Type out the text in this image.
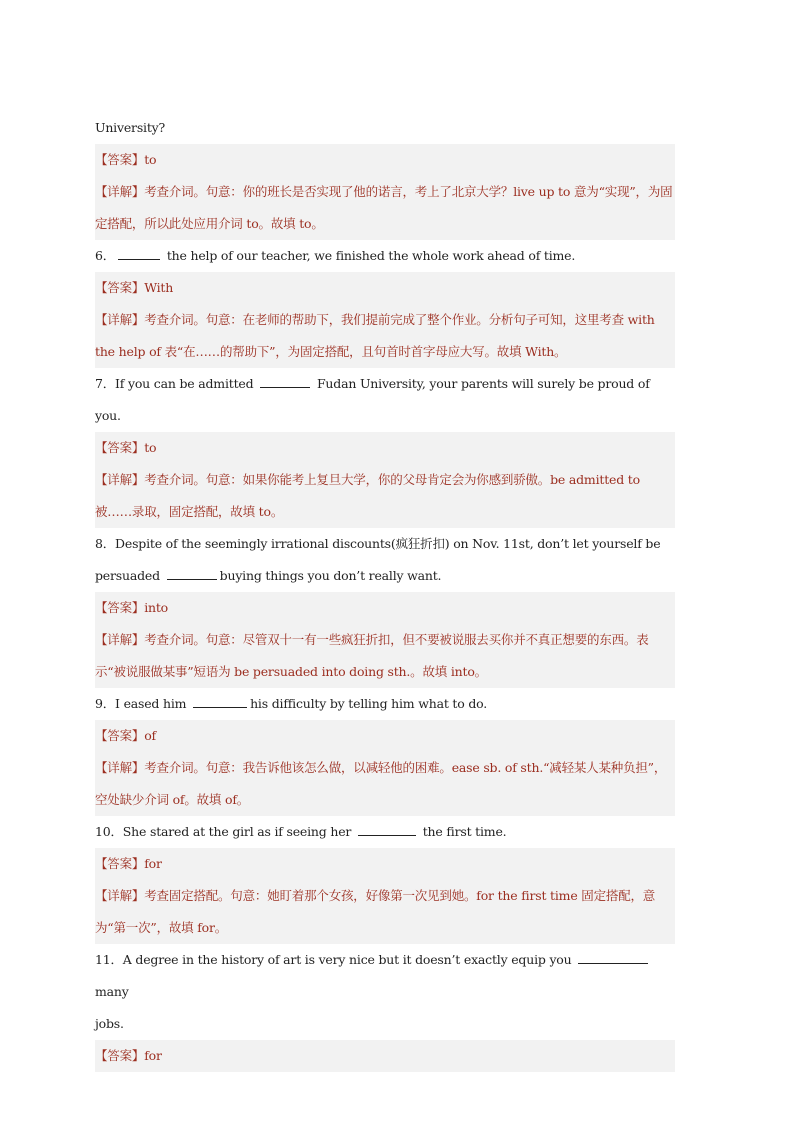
University?
【答案】to
【详解】考查介词。句意：你的班长是否实现了他的诺言，考上了北京大学？live up to 意为“实现”，为固定搭配，所以此处应用介词 to。故填 to。
6．	the help of our teacher, we finished the whole work ahead of time.
【答案】With
【详解】考查介词。句意：在老师的帮助下，我们提前完成了整个作业。分析句子可知，这里考查 with the help of 表“在……的帮助下”，为固定搭配，且句首时首字母应大写。故填 With。
7．If you can be admitted	Fudan University, your parents will surely be proud of you.
【答案】to
【详解】考查介词。句意：如果你能考上复旦大学，你的父母肯定会为你感到骄傲。be admitted to 被……录取，固定搭配，故填 to。
8．Despite of the seemingly irrational discounts(疯狂折扣) on Nov. 11st, don’t let yourself be
persuaded	buying things you don’t really want.
【答案】into
【详解】考查介词。句意：尽管双十一有一些疯狂折扣，但不要被说服去买你并不真正想要的东西。表示“被说服做某事”短语为 be persuaded into doing sth.。故填 into。
9．I eased him	his difficulty by telling him what to do.
【答案】of
【详解】考查介词。句意：我告诉他该怎么做，以减轻他的困难。ease sb. of sth.“减轻某人某种负担”，空处缺少介词 of。故填 of。
10．She stared at the girl as if seeing her	the first time.
【答案】for
【详解】考查固定搭配。句意：她盯着那个女孩，好像第一次见到她。for the first time 固定搭配，意为“第一次”，故填 for。
11．A degree in the history of art is very nice but it doesn’t exactly equip you	many
jobs.
【答案】for
